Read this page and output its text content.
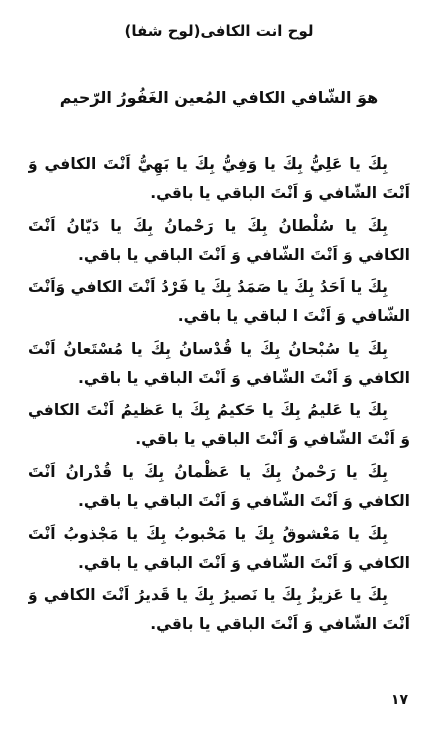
لوح انت الكافى(لوح شفا)
هوَ الشّافي الكافي المُعين الغَفُورُ الرّحيم

بِكَ يا عَلِيُّ بِكَ يا وَفِيُّ بِكَ يا بَهِيُّ اَنْتَ الكافي وَ اَنْتَ الشّافي وَ اَنْتَ الباقي يا باقي.

بِكَ يا سُلْطانُ بِكَ يا رَحْمانُ بِكَ يا دَيّانُ اَنْتَ الكافي وَ اَنْتَ الشّافي وَ اَنْتَ الباقي يا باقي.

بِكَ يا اَحَدُ بِكَ يا صَمَدُ بِكَ يا فَرْدُ اَنْتَ الكافي وَاَنْتَ الشّافي وَ اَنْتَ ا لباقي يا باقي.

بِكَ يا سُبْحانُ بِكَ يا قُدْسانُ بِكَ يا مُسْتَعانُ اَنْتَ الكافي وَ اَنْتَ الشّافي وَ اَنْتَ الباقي يا باقي.

بِكَ يا عَليمُ بِكَ يا حَكيمُ بِكَ يا عَظيمُ اَنْتَ الكافي وَ اَنْتَ الشّافي وَ اَنْتَ الباقي يا باقي.

بِكَ يا رَحْمنُ بِكَ يا عَظْمانُ بِكَ يا قُدْرانُ اَنْتَ الكافي وَ اَنْتَ الشّافي وَ اَنْتَ الباقي يا باقي.

بِكَ يا مَعْشوقُ بِكَ يا مَحْبوبُ بِكَ يا مَجْذوبُ اَنْتَ الكافي وَ اَنْتَ الشّافي وَ اَنْتَ الباقي يا باقي.

بِكَ يا عَزيزُ بِكَ يا نَصيرُ بِكَ يا قَديرُ اَنْتَ الكافي وَ اَنْتَ الشّافي وَ اَنْتَ الباقي يا باقي.

١٧
